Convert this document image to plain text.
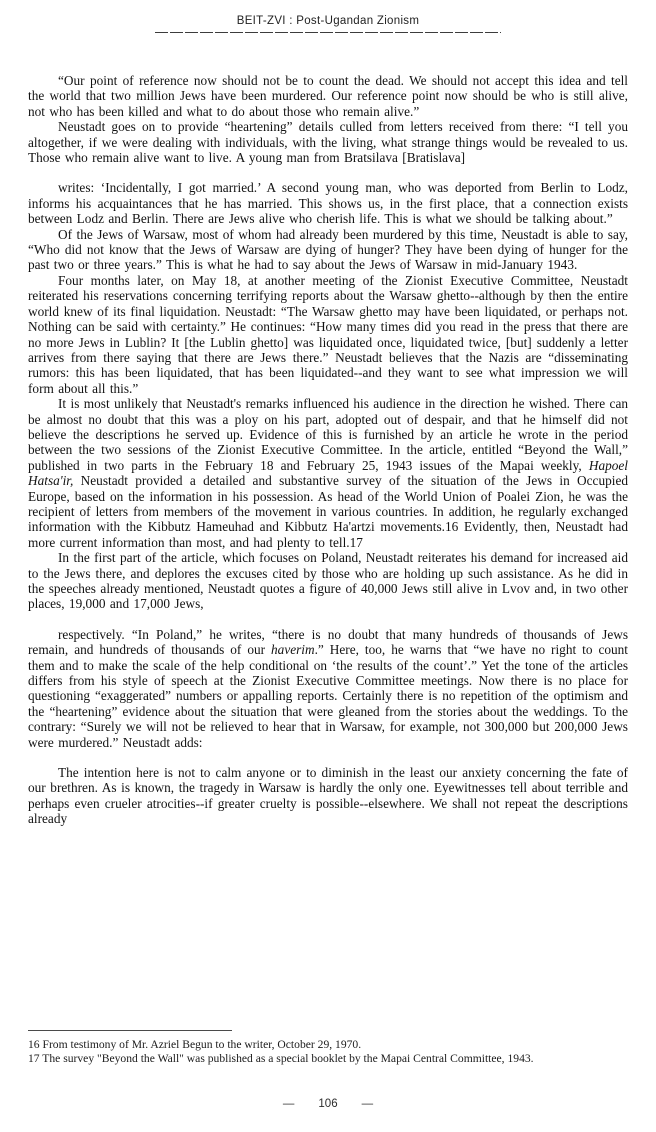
BEIT-ZVI : Post-Ugandan Zionism

“Our point of reference now should not be to count the dead. We should not accept this idea and tell the world that two million Jews have been murdered. Our reference point now should be who is still alive, not who has been killed and what to do about those who remain alive.”

Neustadt goes on to provide “heartening” details culled from letters received from there: “I tell you altogether, if we were dealing with individuals, with the living, what strange things would be revealed to us. Those who remain alive want to live. A young man from Bratsilava [Bratislava]

writes: ‘Incidentally, I got married.’ A second young man, who was deported from Berlin to Lodz, informs his acquaintances that he has married. This shows us, in the first place, that a connection exists between Lodz and Berlin. There are Jews alive who cherish life. This is what we should be talking about.”

Of the Jews of Warsaw, most of whom had already been murdered by this time, Neustadt is able to say, “Who did not know that the Jews of Warsaw are dying of hunger? They have been dying of hunger for the past two or three years.” This is what he had to say about the Jews of Warsaw in mid-January 1943.

Four months later, on May 18, at another meeting of the Zionist Executive Committee, Neustadt reiterated his reservations concerning terrifying reports about the Warsaw ghetto--although by then the entire world knew of its final liquidation. Neustadt: “The Warsaw ghetto may have been liquidated, or perhaps not. Nothing can be said with certainty.” He continues: “How many times did you read in the press that there are no more Jews in Lublin? It [the Lublin ghetto] was liquidated once, liquidated twice, [but] suddenly a letter arrives from there saying that there are Jews there.” Neustadt believes that the Nazis are “disseminating rumors: this has been liquidated, that has been liquidated--and they want to see what impression we will form about all this.”

It is most unlikely that Neustadt's remarks influenced his audience in the direction he wished. There can be almost no doubt that this was a ploy on his part, adopted out of despair, and that he himself did not believe the descriptions he served up. Evidence of this is furnished by an article he wrote in the period between the two sessions of the Zionist Executive Committee. In the article, entitled “Beyond the Wall,” published in two parts in the February 18 and February 25, 1943 issues of the Mapai weekly, Hapoel Hatsa'ir, Neustadt provided a detailed and substantive survey of the situation of the Jews in Occupied Europe, based on the information in his possession. As head of the World Union of Poalei Zion, he was the recipient of letters from members of the movement in various countries. In addition, he regularly exchanged information with the Kibbutz Hameuhad and Kibbutz Ha'artzi movements.16 Evidently, then, Neustadt had more current information than most, and had plenty to tell.17

In the first part of the article, which focuses on Poland, Neustadt reiterates his demand for increased aid to the Jews there, and deplores the excuses cited by those who are holding up such assistance. As he did in the speeches already mentioned, Neustadt quotes a figure of 40,000 Jews still alive in Lvov and, in two other places, 19,000 and 17,000 Jews,

respectively. “In Poland,” he writes, “there is no doubt that many hundreds of thousands of Jews remain, and hundreds of thousands of our haverim.” Here, too, he warns that “we have no right to count them and to make the scale of the help conditional on ‘the results of the count’.” Yet the tone of the articles differs from his style of speech at the Zionist Executive Committee meetings. Now there is no place for questioning “exaggerated” numbers or appalling reports. Certainly there is no repetition of the optimism and the “heartening” evidence about the situation that were gleaned from the stories about the weddings. To the contrary: “Surely we will not be relieved to hear that in Warsaw, for example, not 300,000 but 200,000 Jews were murdered.” Neustadt adds:

The intention here is not to calm anyone or to diminish in the least our anxiety concerning the fate of our brethren. As is known, the tragedy in Warsaw is hardly the only one. Eyewitnesses tell about terrible and perhaps even crueler atrocities--if greater cruelty is possible--elsewhere. We shall not repeat the descriptions already

16 From testimony of Mr. Azriel Begun to the writer, October 29, 1970.
17 The survey "Beyond the Wall" was published as a special booklet by the Mapai Central Committee, 1943.
— 106 —
